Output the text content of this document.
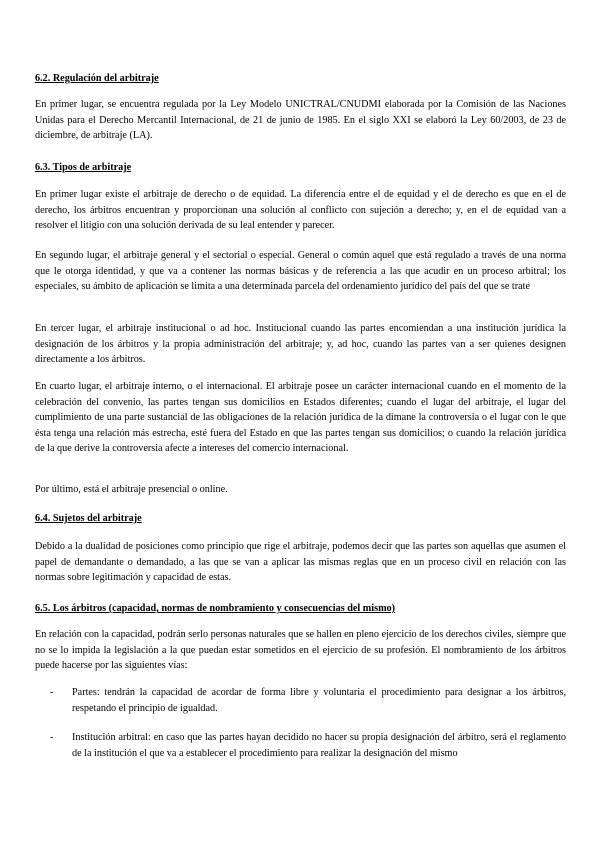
6.2. Regulación del arbitraje

En primer lugar, se encuentra regulada por la Ley Modelo UNICTRAL/CNUDMI elaborada por la Comisión de las Naciones Unidas para el Derecho Mercantil Internacional, de 21 de junio de 1985. En el siglo XXI se elaboró la Ley 60/2003, de 23 de diciembre, de arbitraje (LA).

6.3. Tipos de arbitraje

En primer lugar existe el arbitraje de derecho o de equidad. La diferencia entre el de equidad y el de derecho es que en el de derecho, los árbitros encuentran y proporcionan una solución al conflicto con sujeción a derecho; y, en el de equidad van a resolver el litigio con una solución derivada de su leal entender y parecer.

En segundo lugar, el arbitraje general y el sectorial o especial. General o común aquel que está regulado a través de una norma que le otorga identidad, y que va a contener las normas básicas y de referencia a las que acudir en un proceso arbitral; los especiales, su ámbito de aplicación se limita a una determinada parcela del ordenamiento jurídico del país del que se trate

En tercer lugar, el arbitraje institucional o ad hoc. Institucional cuando las partes encomiendan a una institución jurídica la designación de los árbitros y la propia administración del arbitraje; y, ad hoc, cuando las partes van a ser quienes designen directamente a los árbitros.

En cuarto lugar, el arbitraje interno, o el internacional. El arbitraje posee un carácter internacional cuando en el momento de la celebración del convenio, las partes tengan sus domicilios en Estados diferentes; cuando el lugar del arbitraje, el lugar del cumplimiento de una parte sustancial de las obligaciones de la relación jurídica de la dimane la controversia o el lugar con le que ésta tenga una relación más estrecha, esté fuera del Estado en que las partes tengan sus domicilios; o cuando la relación jurídica de la que derive la controversia afecte a intereses del comercio internacional.

Por último, está el arbitraje presencial o online.

6.4. Sujetos del arbitraje

Debido a la dualidad de posiciones como principio que rige el arbitraje, podemos decir que las partes son aquellas que asumen el papel de demandante o demandado, a las que se van a aplicar las mismas reglas que en un proceso civil en relación con las normas sobre legitimación y capacidad de estas.

6.5. Los árbitros (capacidad, normas de nombramiento y consecuencias del mismo)

En relación con la capacidad, podrán serlo personas naturales que se hallen en pleno ejercicio de los derechos civiles, siempre que no se lo impida la legislación a la que puedan estar sometidos en el ejercicio de su profesión. El nombramiento de los árbitros puede hacerse por las siguientes vías:

-	Partes: tendrán la capacidad de acordar de forma libre y voluntaria el procedimiento para designar a los árbitros, respetando el principio de igualdad.
-	Institución arbitral: en caso que las partes hayan decidido no hacer su propia designación del árbitro, será el reglamento de la institución el que va a establecer el procedimiento para realizar la designación del mismo
